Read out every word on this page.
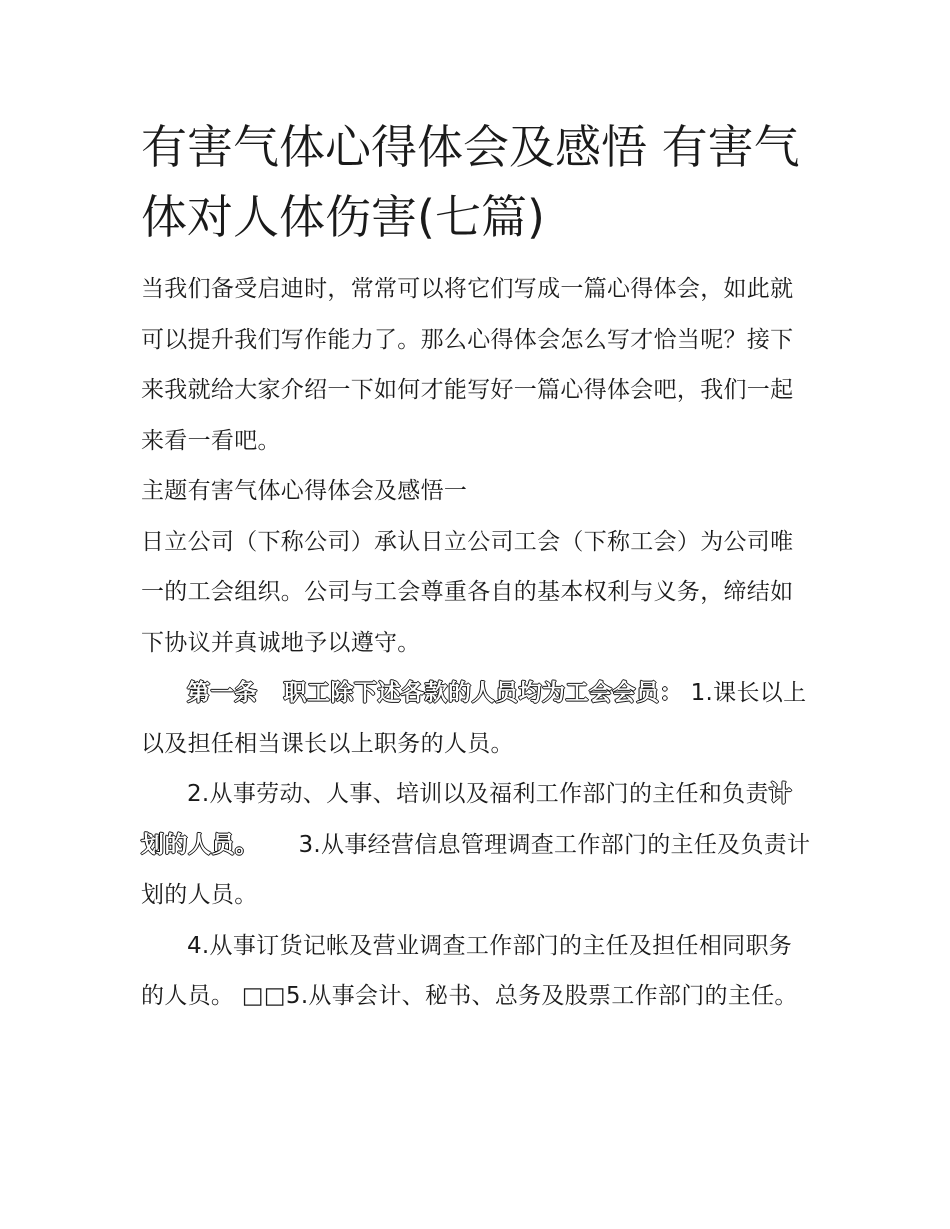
有害气体心得体会及感悟 有害气体对人体伤害(七篇)

当我们备受启迪时，常常可以将它们写成一篇心得体会，如此就可以提升我们写作能力了。那么心得体会怎么写才恰当呢？接下来我就给大家介绍一下如何才能写好一篇心得体会吧，我们一起来看一看吧。

主题有害气体心得体会及感悟一

日立公司（下称公司）承认日立公司工会（下称工会）为公司唯一的工会组织。公司与工会尊重各自的基本权利与义务，缔结如下协议并真诚地予以遵守。

第一条 职工除下述各款的人员均为工会会员： 1.课长以上以及担任相当课长以上职务的人员。

2.从事劳动、人事、培训以及福利工作部门的主任和负责计划的人员。 3.从事经营信息管理调查工作部门的主任及负责计划的人员。

4.从事订货记帐及营业调查工作部门的主任及担任相同职务的人员。 □□5.从事会计、秘书、总务及股票工作部门的主任。
